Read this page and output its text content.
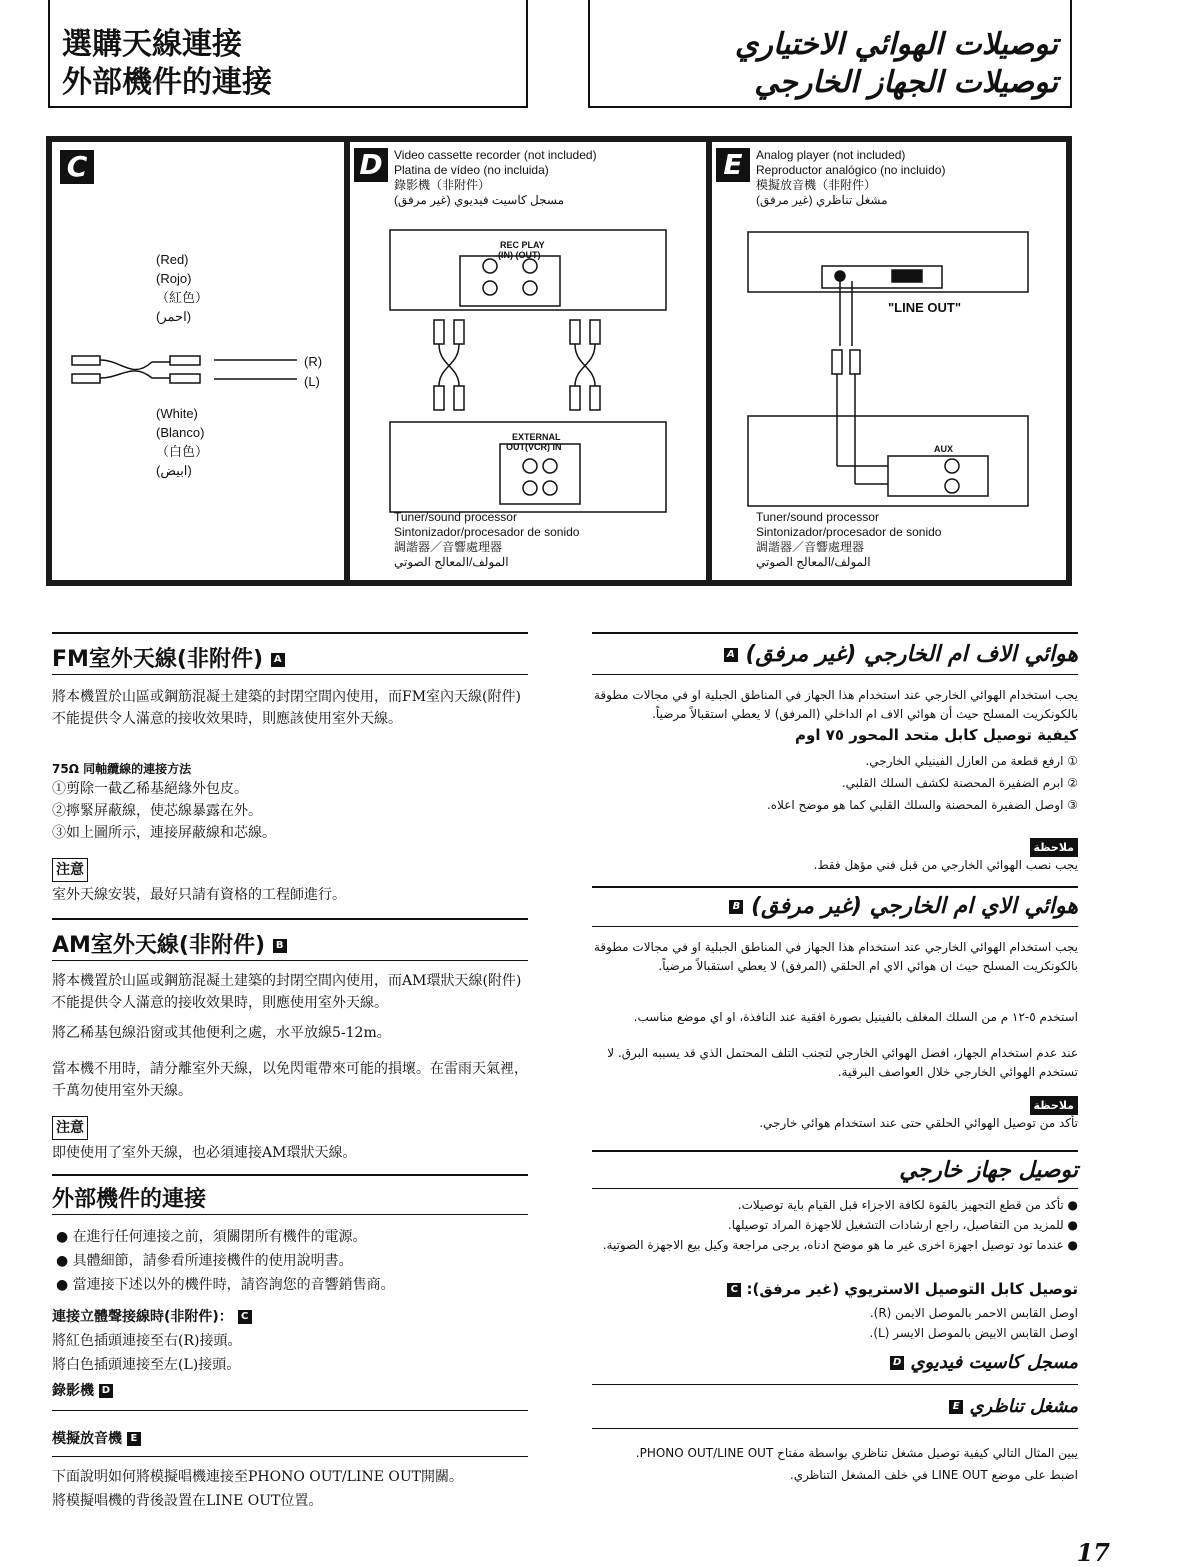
選購天線連接
外部機件的連接
توصيلات الهوائي الاختياري
توصيلات الجهاز الخارجي
C
(Red)
(Rojo)
（紅色）
(احمر)
(R)
(L)
(White)
(Blanco)
（白色）
(ابيض)
D Video cassette recorder (not included)
Platina de vídeo (no incluida)
錄影機（非附件）
مسجل كاسيت فيديوي (غير مرفق)
REC PLAY
(IN) (OUT)
EXTERNAL
OUT(VCR) IN
Tuner/sound processor
Sintonizador/procesador de sonido
調諧器／音響處理器
المولف/المعالج الصوتي
E	Analog player (not included)
Reproductor analógico (no incluido)
模擬放音機（非附件）
مشغل تناظري (غير مرفق)
"LINE OUT"
AUX
Tuner/sound processor
Sintonizador/procesador de sonido
調諧器／音響處理器
المولف/المعالج الصوتي
FM室外天線(非附件) A
將本機置於山區或鋼筋混凝土建築的封閉空間內使用，而FM室內天線(附件)不能提供令人滿意的接收效果時，則應該使用室外天線。
75Ω 同軸纜線的連接方法
①剪除一截乙稀基絕緣外包皮。
②擰緊屏蔽線，使芯線暴露在外。
③如上圖所示，連接屏蔽線和芯線。
注意
室外天線安裝，最好只請有資格的工程師進行。
AM室外天線(非附件) B
將本機置於山區或鋼筋混凝土建築的封閉空間內使用，而AM環狀天線(附件)不能提供令人滿意的接收效果時，則應使用室外天線。
將乙稀基包線沿窗或其他便利之處，水平放線5-12m。
當本機不用時，請分離室外天線，以免閃電帶來可能的損壞。在雷雨天氣裡，千萬勿使用室外天線。
注意
即使使用了室外天線，也必須連接AM環狀天線。
外部機件的連接
● 在進行任何連接之前，須關閉所有機件的電源。
● 具體細節，請參看所連接機件的使用說明書。
● 當連接下述以外的機件時，請咨詢您的音響銷售商。
連接立體聲接線時(非附件)： C
將紅色插頭連接至右(R)接頭。
將白色插頭連接至左(L)接頭。
錄影機 D
模擬放音機 E
下面說明如何將模擬唱機連接至PHONO OUT/LINE OUT開關。
將模擬唱機的背後設置在LINE OUT位置。
هوائي الاف ام الخارجي (غير مرفق) A
يجب استخدام الهوائي الخارجي عند استخدام هذا الجهاز في المناطق الجبلية او في مجالات مطوقة بالكونكريت المسلح حيث أن هوائي الاف ام الداخلي (المرفق) لا يعطي استقبالاً مرضياً.
كيفية توصيل كابل متحد المحور ٧٥ اوم
① ارفع قطعة من العازل الفينيلي الخارجي.
② ابرم الضفيرة المحصنة لكشف السلك القلبي.
③ اوصل الضفيرة المحصنة والسلك القلبي كما هو موضح اعلاه.
ملاحظة
يجب نصب الهوائي الخارجي من قبل فني مؤهل فقط.
هوائي الاي ام الخارجي (غير مرفق) B
يجب استخدام الهوائي الخارجي عند استخدام هذا الجهاز في المناطق الجبلية او في مجالات مطوقة بالكونكريت المسلح حيث ان هوائي الاي ام الحلقي (المرفق) لا يعطي استقبالاً مرضياً.
استخدم ٥-١٢ م من السلك المغلف بالفينيل بصورة افقية عند النافذة، او اي موضع مناسب.
عند عدم استخدام الجهاز، افصل الهوائي الخارجي لتجنب التلف المحتمل الذي قد يسببه البرق. لا تستخدم الهوائي الخارجي خلال العواصف البرقية.
ملاحظة
تأكد من توصيل الهوائي الحلقي حتى عند استخدام هوائي خارجي.
توصيل جهاز خارجي
● تأكد من قطع التجهيز بالقوة لكافة الاجزاء قبل القيام باية توصيلات.
● للمزيد من التفاصيل، راجع ارشادات التشغيل للاجهزة المراد توصيلها.
● عندما تود توصيل اجهزة اخرى غير ما هو موضح ادناه، يرجى مراجعة وكيل بيع الاجهزة الصوتية.
توصيل كابل التوصيل الاستريوي (غير مرفق): C
اوصل القابس الاحمر بالموصل الايمن (R).
اوصل القابس الابيض بالموصل الايسر (L).
مسجل كاسيت فيديوي D
مشغل تناظري E
يبين المثال التالي كيفية توصيل مشغل تناظري بواسطة مفتاح PHONO OUT/LINE OUT.
اضبط على موضع LINE OUT في خلف المشغل التناظري.
17
